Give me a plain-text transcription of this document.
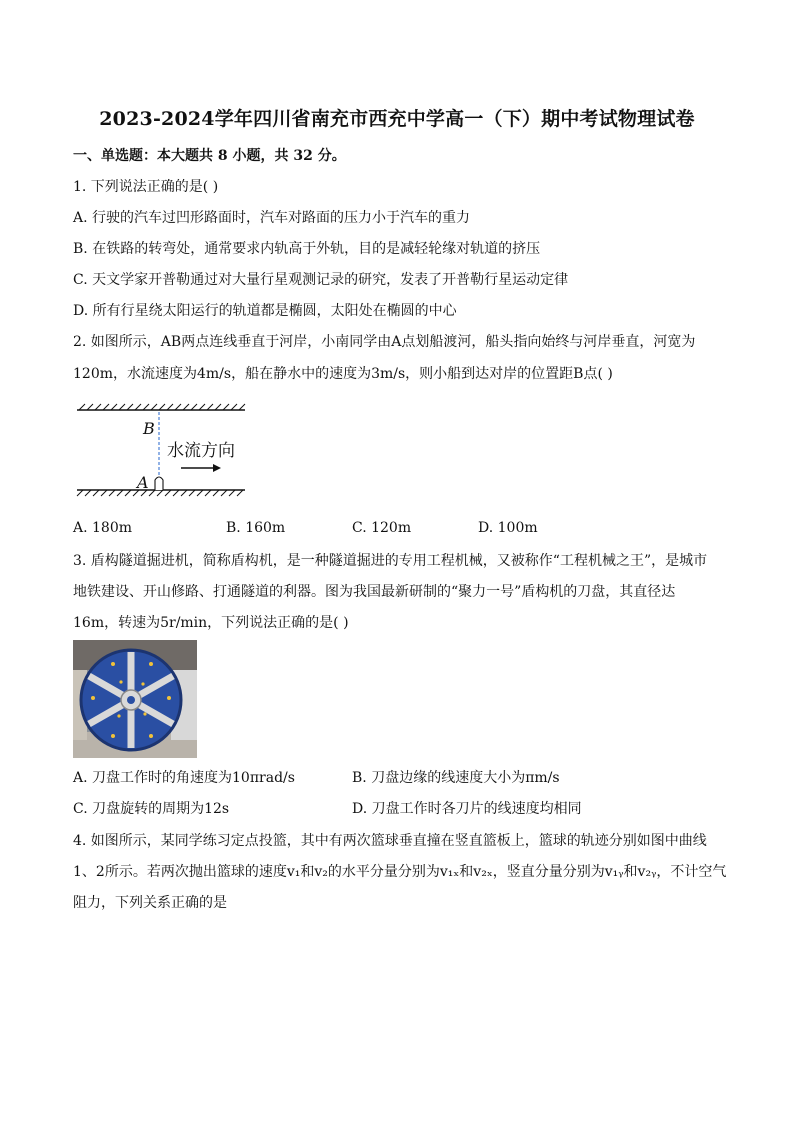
2023-2024学年四川省南充市西充中学高一（下）期中考试物理试卷
一、单选题：本大题共 8 小题，共 32 分。
1. 下列说法正确的是( )
A. 行驶的汽车过凹形路面时，汽车对路面的压力小于汽车的重力
B. 在铁路的转弯处，通常要求内轨高于外轨，目的是减轻轮缘对轨道的挤压
C. 天文学家开普勒通过对大量行星观测记录的研究，发表了开普勒行星运动定律
D. 所有行星绕太阳运行的轨道都是椭圆，太阳处在椭圆的中心
2. 如图所示，AB两点连线垂直于河岸，小南同学由A点划船渡河，船头指向始终与河岸垂直，河宽为
120m，水流速度为4m/s，船在静水中的速度为3m/s，则小船到达对岸的位置距B点( )
B
A
水流方向
A. 180m	B. 160m	C. 120m	D. 100m
3. 盾构隧道掘进机，简称盾构机，是一种隧道掘进的专用工程机械，又被称作“工程机械之王”，是城市
地铁建设、开山修路、打通隧道的利器。图为我国最新研制的“聚力一号”盾构机的刀盘，其直径达
16m，转速为5r/min，下列说法正确的是( )
A. 刀盘工作时的角速度为10πrad/s	B. 刀盘边缘的线速度大小为πm/s
C. 刀盘旋转的周期为12s	D. 刀盘工作时各刀片的线速度均相同
4. 如图所示，某同学练习定点投篮，其中有两次篮球垂直撞在竖直篮板上，篮球的轨迹分别如图中曲线
1、2所示。若两次抛出篮球的速度v₁和v₂的水平分量分别为v₁ₓ和v₂ₓ，竖直分量分别为v₁ᵧ和v₂ᵧ，不计空气
阻力，下列关系正确的是
